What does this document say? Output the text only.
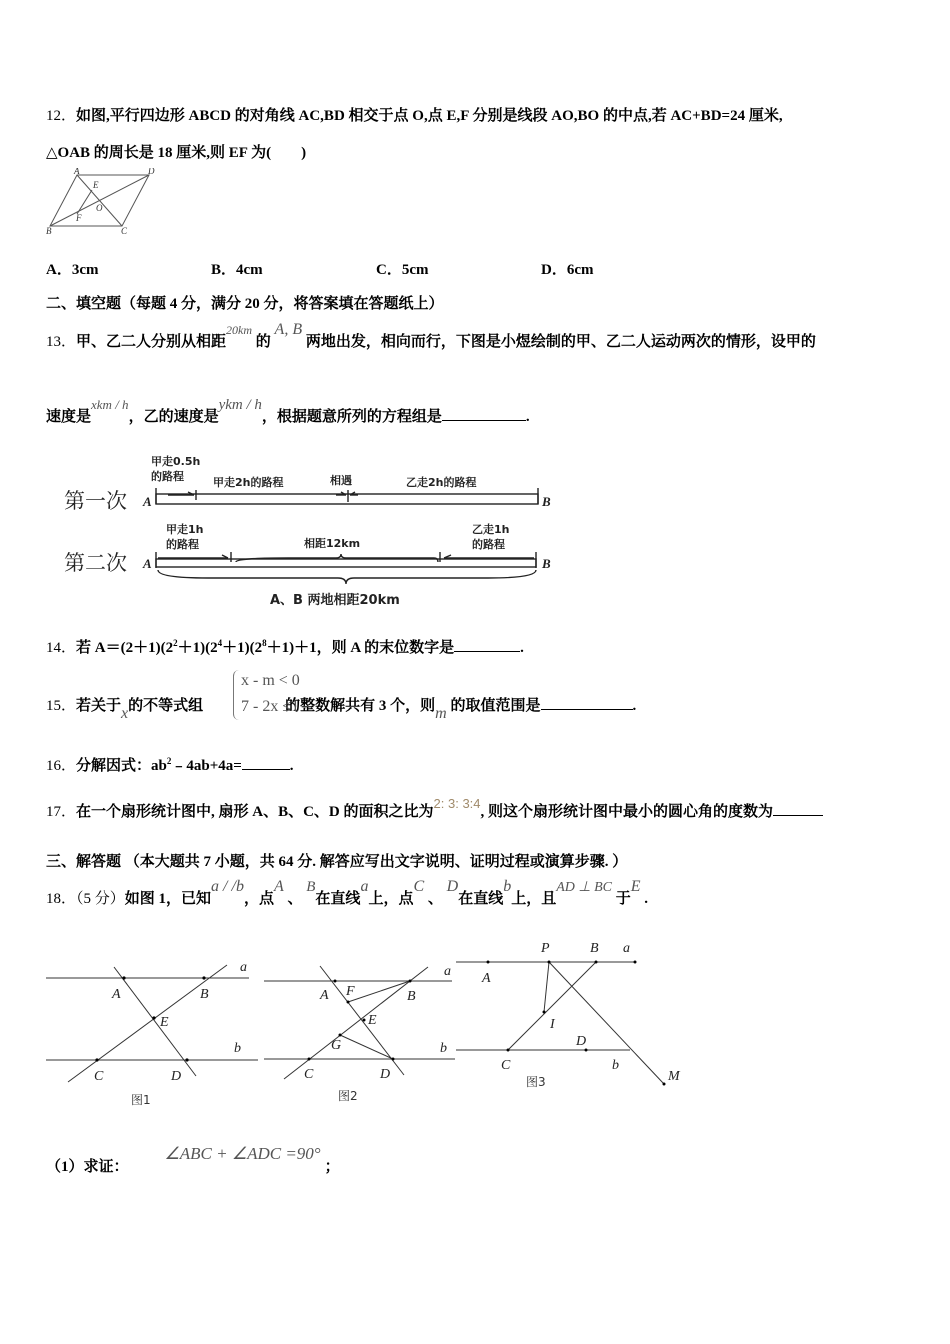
12．如图,平行四边形 ABCD 的对角线 AC,BD 相交于点 O,点 E,F 分别是线段 AO,BO 的中点,若 AC+BD=24 厘米,
△OAB 的周长是 18 厘米,则 EF 为(　　)
A	D
B	C
E
F
O
A．3cm	B．4cm	C．5cm	D．6cm
二、填空题（每题 4 分，满分 20 分，将答案填在答题纸上）
13．甲、乙二人分别从相距$^{20km}$ 的 A, B 两地出发，相向而行，下图是小煜绘制的甲、乙二人运动两次的情形，设甲的
速度是xkm / h，乙的速度是ykm / h，根据题意所列的方程组是	.
第一次
第二次
A
A
B
B
甲走0.5h
的路程	甲走2h的路程	相遇	乙走2h的路程
甲走1h
的路程	相距12km
乙走1h
的路程
A、B 两地相距20km
14．若 $A=(2+1)(2^2+1)(2^4+1)(2^8+1)+1$，则 A 的末位数字是	.
15．若关于x的不等式组	的整数解共有 3 个，则m 的取值范围是	.
x - m < 0
7 - 2x ≤1
16．分解因式：$ab^2﹣4ab+4a=$	.
17．在一个扇形统计图中, 扇形 A、B、C、D 的面积之比为2: 3: 3:4, 则这个扇形统计图中最小的圆心角的度数为
三、解答题 （本大题共 7 小题，共 64 分. 解答应写出文字说明、证明过程或演算步骤. ）
18．（5 分）如图 1，已知a / /b，点A 、 B在直线a上，点C 、 D在直线b上，且AD ⊥ BC 于E .
a
A	B
E
b
C	D
图1
a
A F	B
E
G	b
C	D
图2
P	B a
A
I
D
C	b
M
图3
（1）求证：∠ABC + ∠ADC =90°；
